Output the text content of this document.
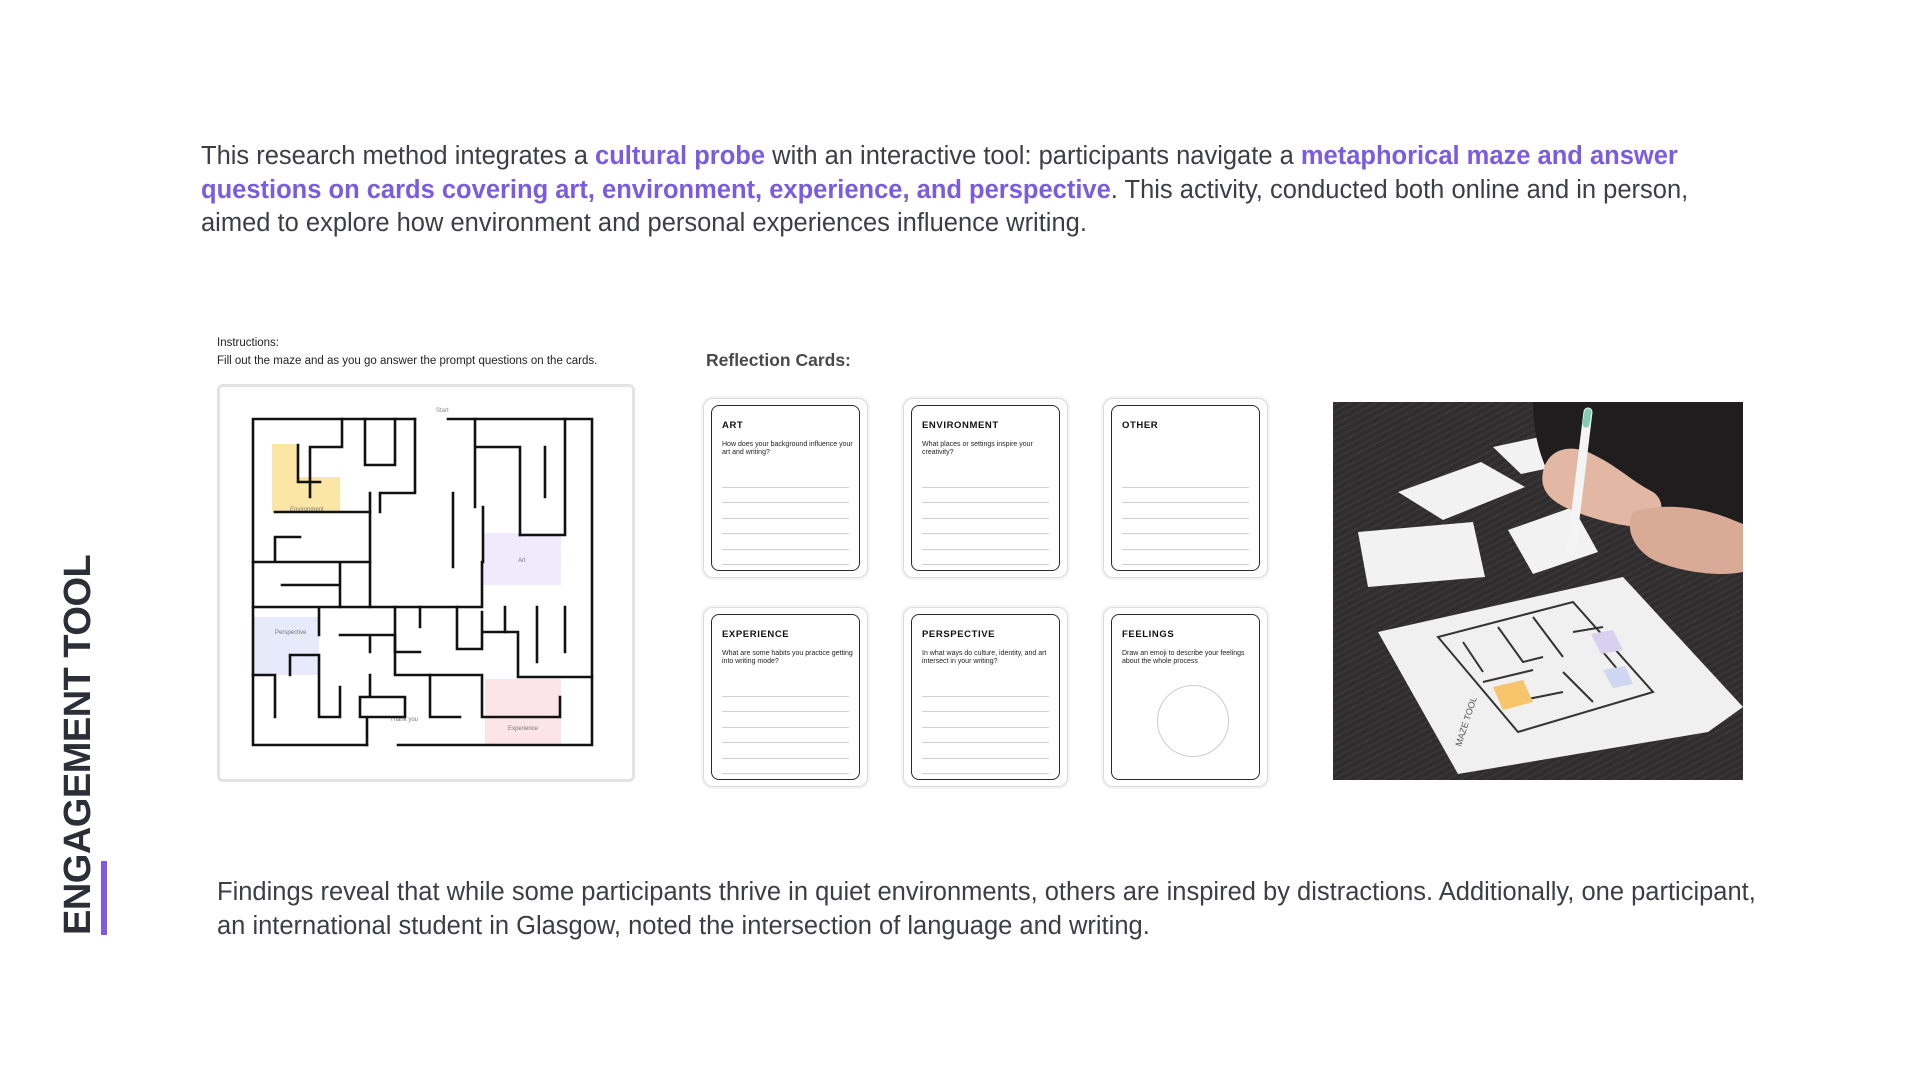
This research method integrates a cultural probe with an interactive tool: participants navigate a metaphorical maze and answer questions on cards covering art, environment, experience, and perspective. This activity, conducted both online and in person, aimed to explore how environment and personal experiences influence writing.

ENGAGEMENT TOOL
Instructions:
Fill out the maze and as you go answer the prompt questions on the cards.
Start
Environment
Art
Perspective
Thank you
Experience
Reflection Cards:
ART
How does your background influence your art and writing?
ENVIRONMENT
What places or settings inspire your creativity?
OTHER
EXPERIENCE
What are some habits you practice getting into writing mode?
PERSPECTIVE
In what ways do culture, identity, and art intersect in your writing?
FEELINGS
Draw an emoji to describe your feelings about the whole process
MAZE TOOL

Findings reveal that while some participants thrive in quiet environments, others are inspired by distractions. Additionally, one participant, an international student in Glasgow, noted the intersection of language and writing.
